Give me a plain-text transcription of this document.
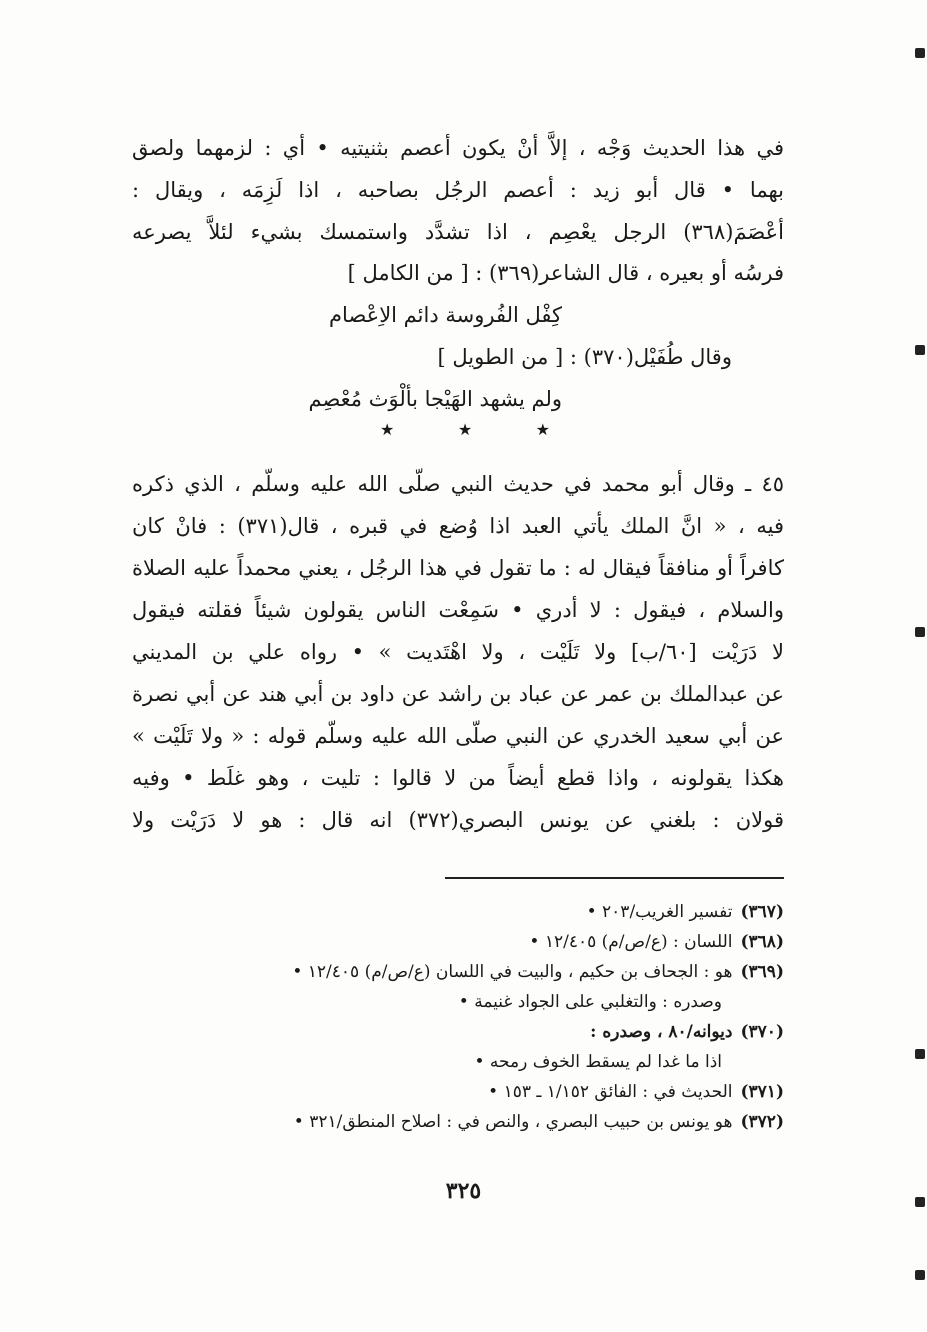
في هذا الحديث وَجْه ، إلاَّ أنْ يكون أعصم بثنيتيه • أي : لزمهما ولصق
بهما • قال أبو زيد : أعصم الرجُل بصاحبه ، اذا لَزِمَه ، ويقال :
أعْصَمَ(٣٦٨) الرجل يعْصِم ، اذا تشدَّد واستمسك بشيء لئلاَّ يصرعه
فرسُه أو بعيره ، قال الشاعر(٣٦٩) : [ من الكامل ]
كِفْل الفُروسة دائم الاِعْصام
وقال طُفَيْل(٣٧٠) : [ من الطويل ]
ولم يشهد الهَيْجا بألْوَث مُعْصِم
★	★	★
٤٥ ـ وقال أبو محمد في حديث النبي صلّى الله عليه وسلّم ، الذي ذكره
فيه ، « انَّ الملك يأتي العبد اذا وُضع في قبره ، قال(٣٧١) : فانْ كان
كافراً أو منافقاً فيقال له : ما تقول في هذا الرجُل ، يعني محمداً عليه الصلاة
والسلام ، فيقول : لا أدري • سَمِعْت الناس يقولون شيئاً فقلته فيقول
لا دَرَيْت [٦٠/ب] ولا تَلَيْت ، ولا اهْتَديت » • رواه علي بن المديني
عن عبدالملك بن عمر عن عباد بن راشد عن داود بن أبي هند عن أبي نصرة
عن أبي سعيد الخدري عن النبي صلّى الله عليه وسلّم قوله : « ولا تَلَيْت »
هكذا يقولونه ، واذا قطع أيضاً من لا قالوا : تليت ، وهو غلَط • وفيه
قولان : بلغني عن يونس البصري(٣٧٢) انه قال : هو لا دَرَيْت ولا
(٣٦٧)تفسير الغريب/٢٠٣ •
(٣٦٨)اللسان : (ع/ص/م) ١٢/٤٠٥ •
(٣٦٩)هو : الجحاف بن حكيم ، والبيت في اللسان (ع/ص/م) ١٢/٤٠٥ •
وصدره : والتغلبي على الجواد غنيمة •
(٣٧٠)ديوانه/٨٠ ، وصدره :
اذا ما غدا لم يسقط الخوف رمحه •
(٣٧١)الحديث في : الفائق ١/١٥٢ ـ ١٥٣ •
(٣٧٢)هو يونس بن حبيب البصري ، والنص في : اصلاح المنطق/٣٢١ •
٣٢٥
